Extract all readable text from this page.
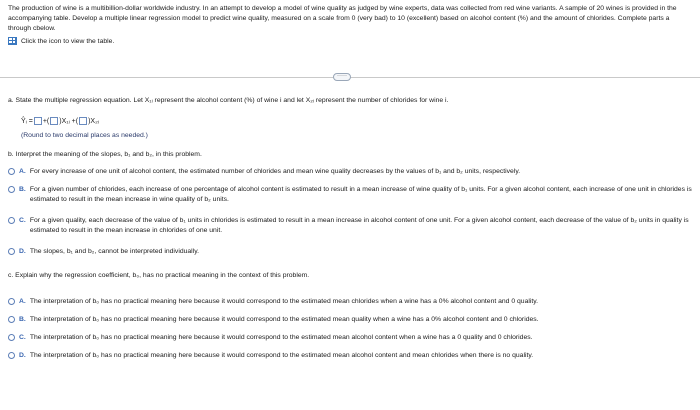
The production of wine is a multibillion-dollar worldwide industry. In an attempt to develop a model of wine quality as judged by wine experts, data was collected from red wine variants. A sample of 20 wines is provided in the accompanying table. Develop a multiple linear regression model to predict wine quality, measured on a scale from 0 (very bad) to 10 (excellent) based on alcohol content (%) and the amount of chlorides. Complete parts a through cbelow.
Click the icon to view the table.
·····
a. State the multiple regression equation. Let X₁ᵢ represent the alcohol content (%) of wine i and let X₂ᵢ represent the number of chlorides for wine i.
Ŷᵢ = +( )X₁ᵢ +( )X₂ᵢ
(Round to two decimal places as needed.)
b. Interpret the meaning of the slopes, b₁ and b₂, in this problem.
A. For every increase of one unit of alcohol content, the estimated number of chlorides and mean wine quality decreases by the values of b₁ and b₂ units, respectively.
B. For a given number of chlorides, each increase of one percentage of alcohol content is estimated to result in a mean increase of wine quality of b₁ units. For a given alcohol content, each increase of one unit in chlorides is estimated to result in the mean increase in wine quality of b₂ units.
C. For a given quality, each decrease of the value of b₁ units in chlorides is estimated to result in a mean increase in alcohol content of one unit. For a given alcohol content, each decrease of the value of b₂ units in quality is estimated to result in the mean increase in chlorides of one unit.
D. The slopes, b₁ and b₂, cannot be interpreted individually.
c. Explain why the regression coefficient, b₀, has no practical meaning in the context of this problem.
A. The interpretation of b₀ has no practical meaning here because it would correspond to the estimated mean chlorides when a wine has a 0% alcohol content and 0 quality.
B. The interpretation of b₀ has no practical meaning here because it would correspond to the estimated mean quality when a wine has a 0% alcohol content and 0 chlorides.
C. The interpretation of b₀ has no practical meaning here because it would correspond to the estimated mean alcohol content when a wine has a 0 quality and 0 chlorides.
D. The interpretation of b₀ has no practical meaning here because it would correspond to the estimated mean alcohol content and mean chlorides when there is no quality.
